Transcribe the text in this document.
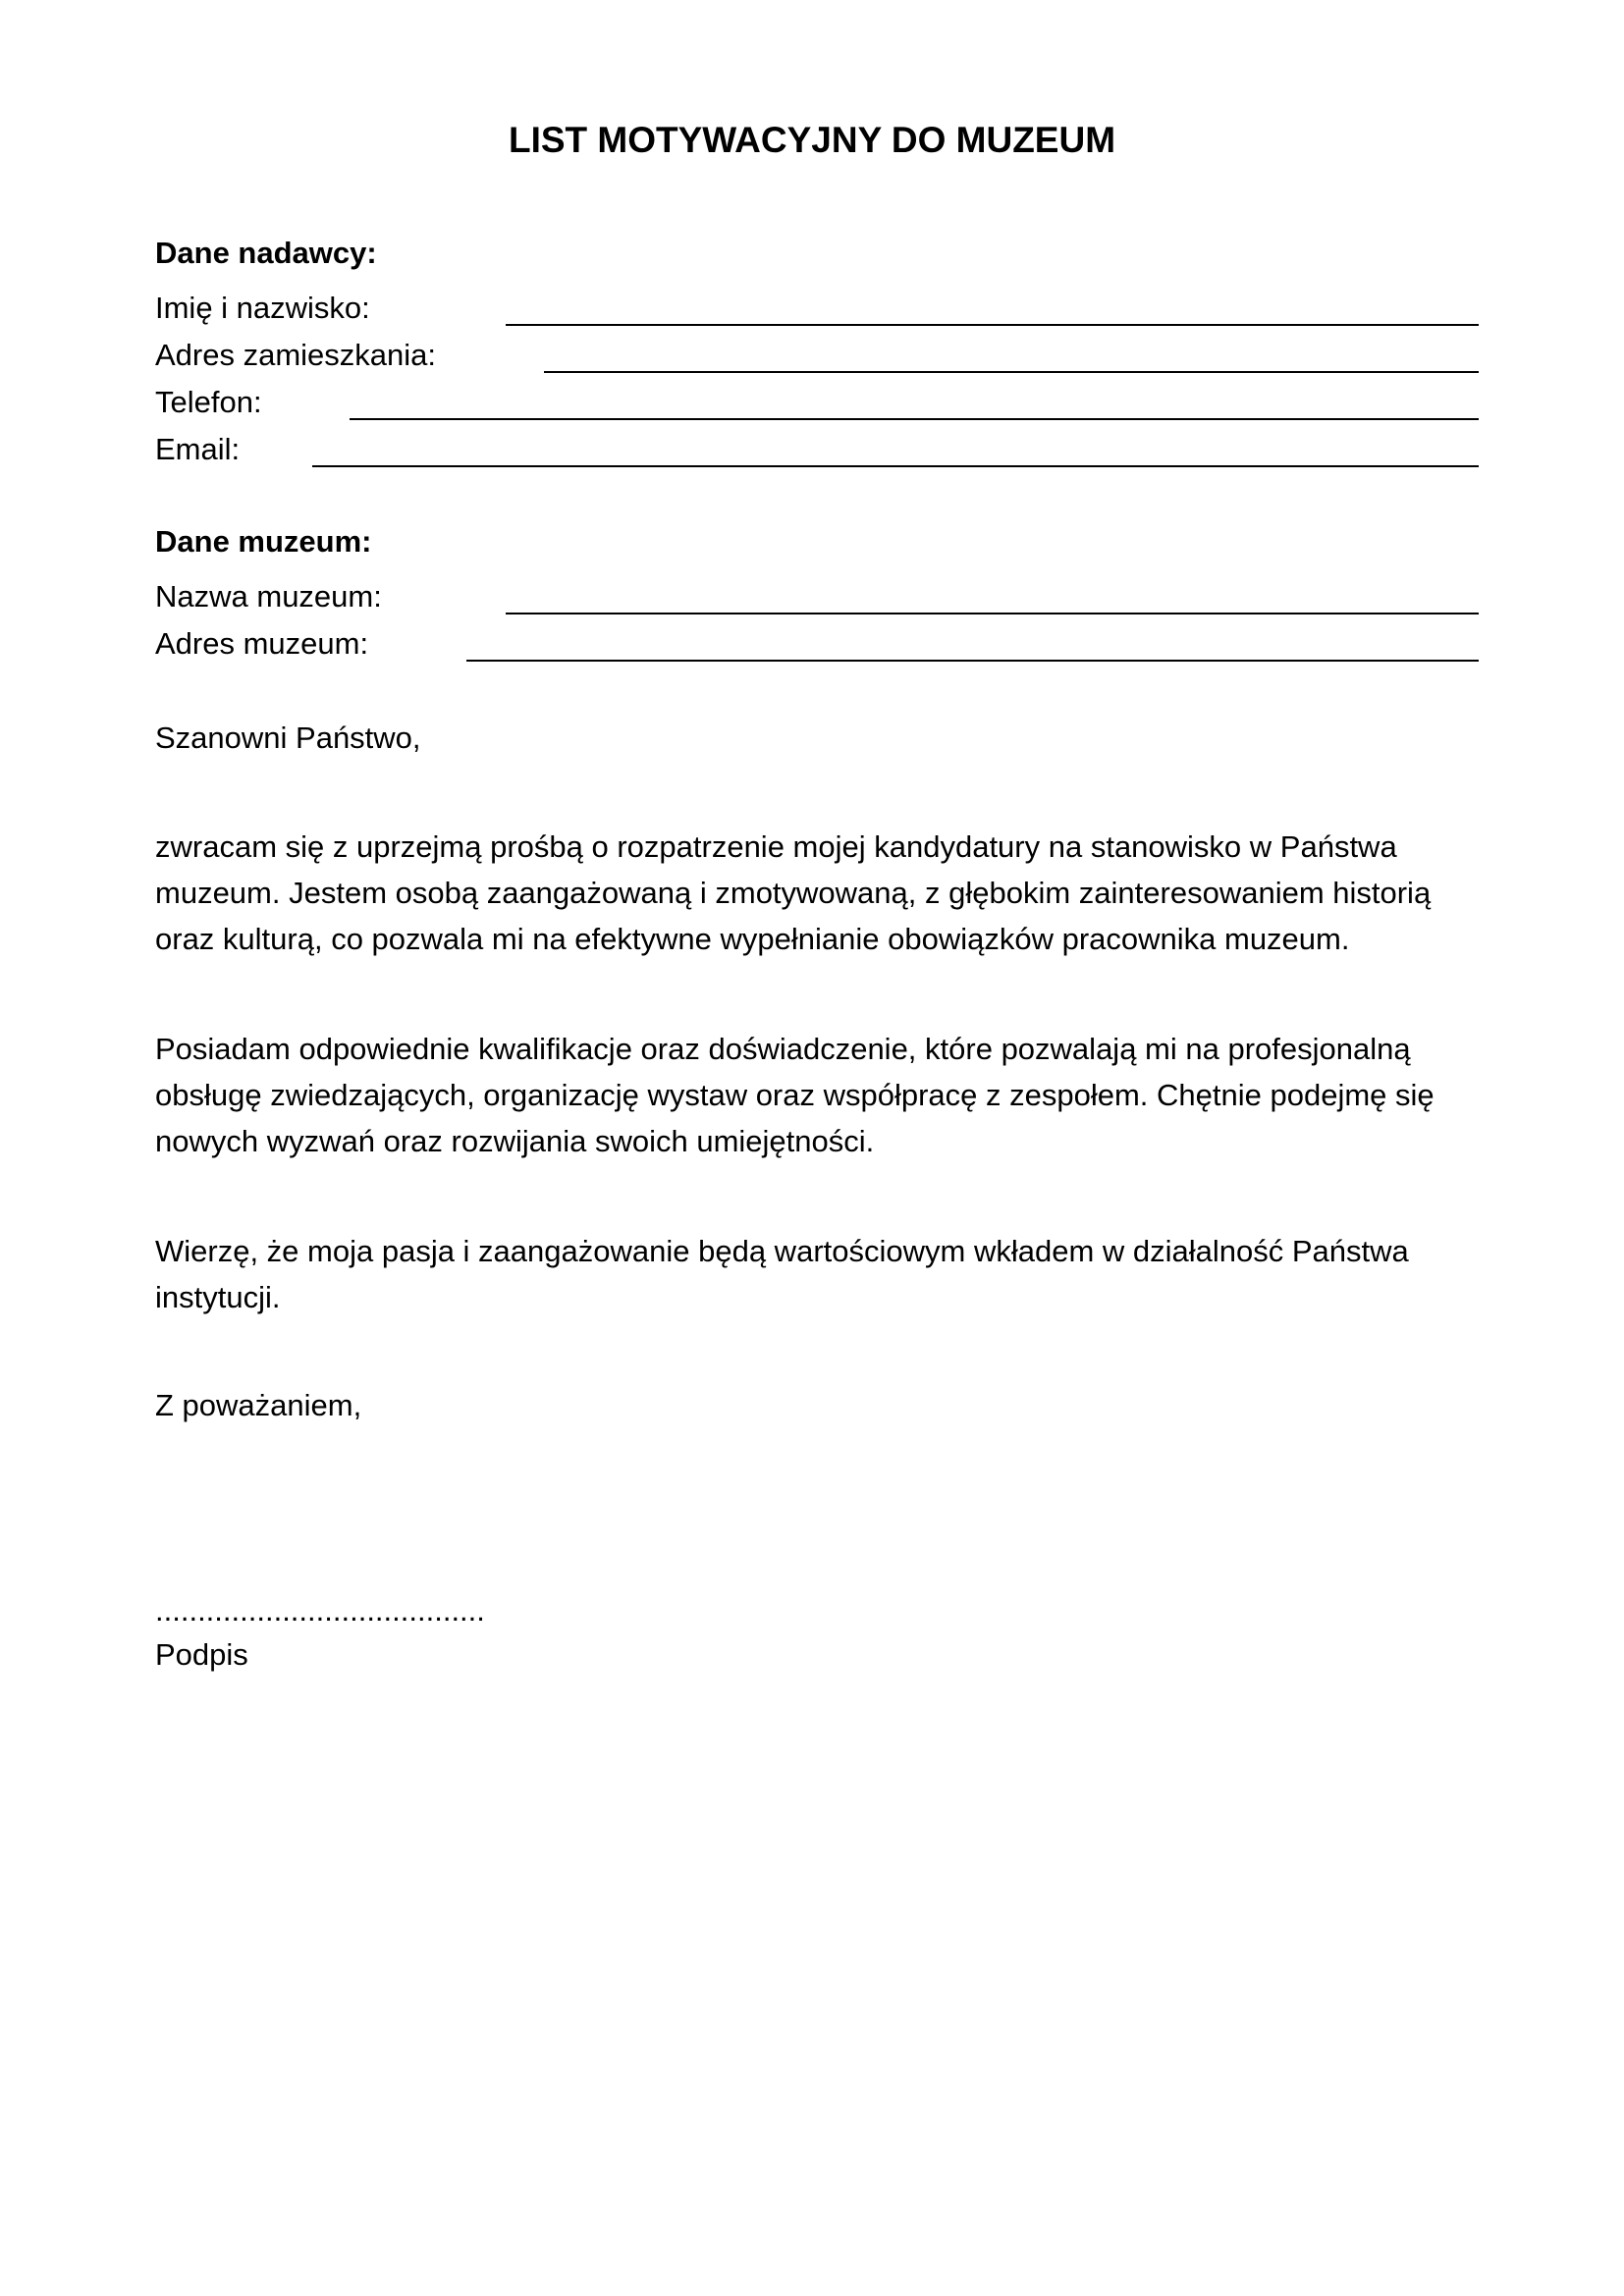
LIST MOTYWACYJNY DO MUZEUM
Dane nadawcy:
Imię i nazwisko:
Adres zamieszkania:
Telefon:
Email:
Dane muzeum:
Nazwa muzeum:
Adres muzeum:
Szanowni Państwo,
zwracam się z uprzejmą prośbą o rozpatrzenie mojej kandydatury na stanowisko w Państwa
muzeum. Jestem osobą zaangażowaną i zmotywowaną, z głębokim zainteresowaniem historią
oraz kulturą, co pozwala mi na efektywne wypełnianie obowiązków pracownika muzeum.
Posiadam odpowiednie kwalifikacje oraz doświadczenie, które pozwalają mi na profesjonalną
obsługę zwiedzających, organizację wystaw oraz współpracę z zespołem. Chętnie podejmę się
nowych wyzwań oraz rozwijania swoich umiejętności.
Wierzę, że moja pasja i zaangażowanie będą wartościowym wkładem w działalność Państwa
instytucji.
Z poważaniem,
.......................................
Podpis
